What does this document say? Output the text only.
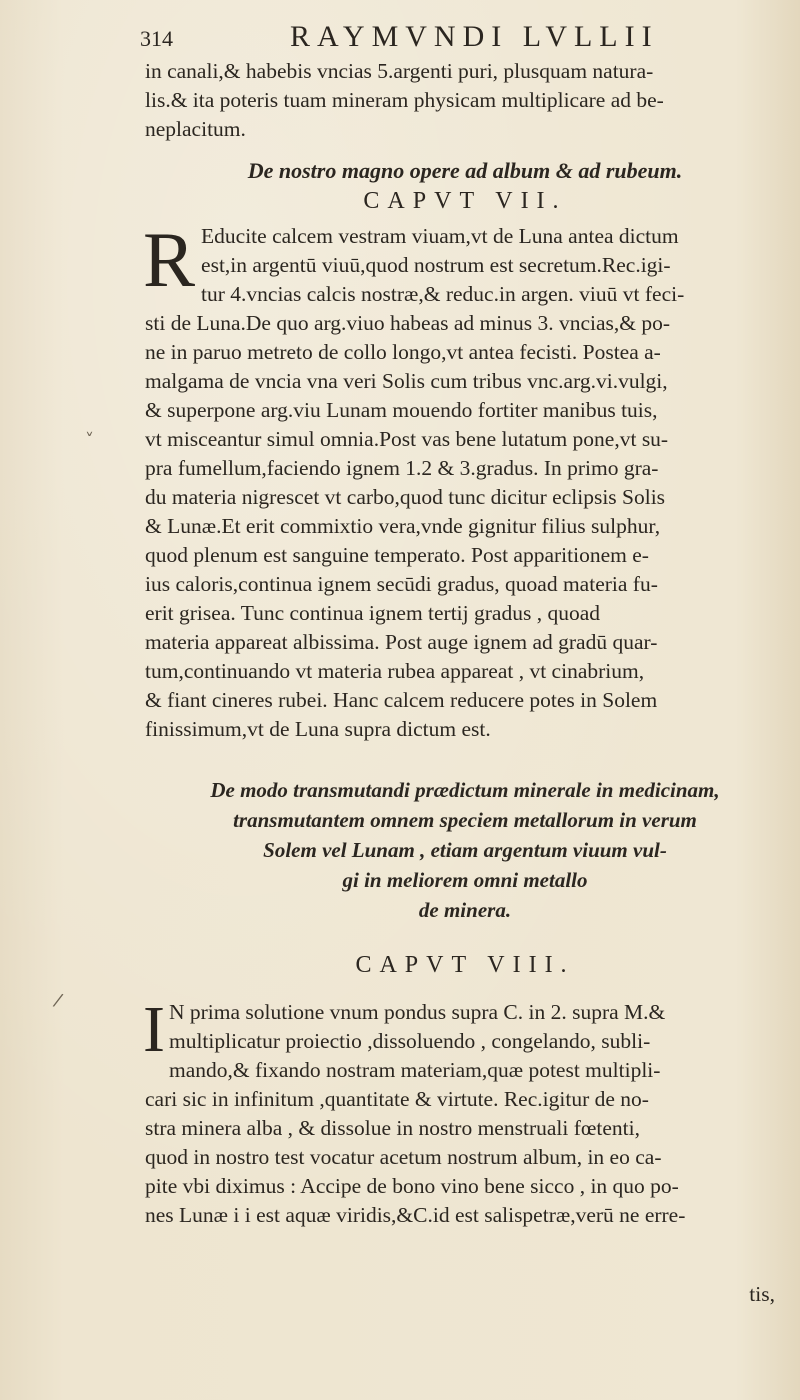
314	RAYMVNDI LVLLII
in canali,& habebis vncias 5.argenti puri, plusquam natura-
lis.& ita poteris tuam mineram physicam multiplicare ad be-
neplacitum.
De nostro magno opere ad album & ad rubeum.
CAPVT VII.
R Educite calcem vestram viuam,vt de Luna antea dictum
est,in argentū viuū,quod nostrum est secretum.Rec.igi-
tur 4.vncias calcis nostræ,& reduc.in argen. viuū vt feci-
sti de Luna.De quo arg.viuo habeas ad minus 3. vncias,& po-
ne in paruo metreto de collo longo,vt antea fecisti. Postea a-
malgama de vncia vna veri Solis cum tribus vnc.arg.vi.vulgi,
& superpone arg.viu Lunam mouendo fortiter manibus tuis,
vt misceantur simul omnia.Post vas bene lutatum pone,vt su-
pra fumellum,faciendo ignem 1.2 & 3.gradus. In primo gra-
du materia nigrescet vt carbo,quod tunc dicitur eclipsis Solis
& Lunæ.Et erit commixtio vera,vnde gignitur filius sulphur,
quod plenum est sanguine temperato. Post apparitionem e-
ius caloris,continua ignem secūdi gradus, quoad materia fu-
erit grisea. Tunc continua ignem tertij gradus , quoad
materia appareat albissima. Post auge ignem ad gradū quar-
tum,continuando vt materia rubea appareat , vt cinabrium,
& fiant cineres rubei. Hanc calcem reducere potes in Solem
finissimum,vt de Luna supra dictum est.
De modo transmutandi prædictum minerale in medicinam,
transmutantem omnem speciem metallorum in verum
Solem vel Lunam , etiam argentum viuum vul-
gi in meliorem omni metallo
de minera.
CAPVT VIII.
I N prima solutione vnum pondus supra C. in 2. supra M.&
multiplicatur proiectio ,dissoluendo , congelando, subli-
mando,& fixando nostram materiam,quæ potest multipli-
cari sic in infinitum ,quantitate & virtute. Rec.igitur de no-
stra minera alba , & dissolue in nostro menstruali fœtenti,
quod in nostro test vocatur acetum nostrum album, in eo ca-
pite vbi diximus : Accipe de bono vino bene sicco , in quo po-
nes Lunæ i i est aquæ viridis,&C.id est salispetræ,verū ne erre-
tis,
˅
/
